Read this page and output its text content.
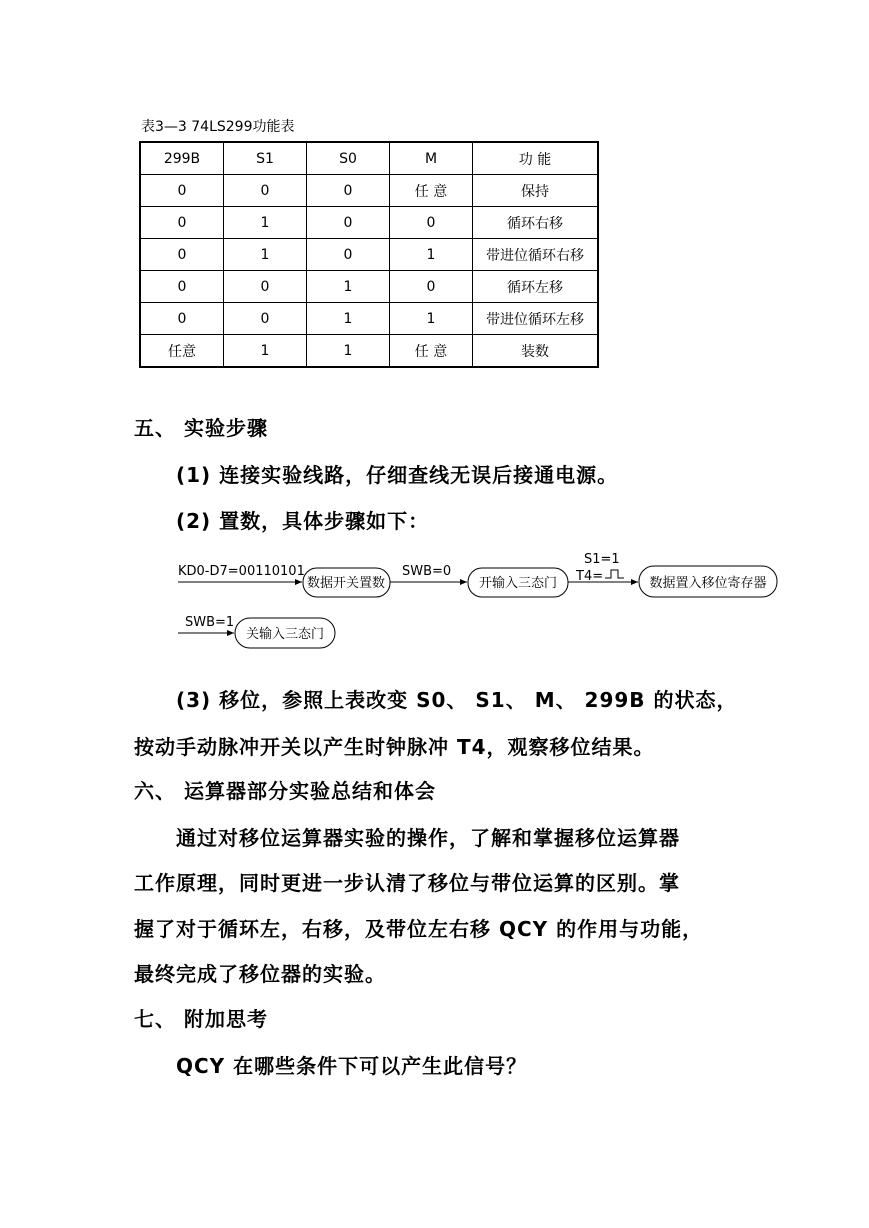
表3—3 74LS299功能表
299B	S1	S0	M	功 能
0	0	0	任 意	保持
0	1	0	0	循环右移
0	1	0	1	带进位循环右移
0	0	1	0	循环左移
0	0	1	1	带进位循环左移
任意	1	1	任 意	装数
五、 实验步骤
(1) 连接实验线路，仔细查线无误后接通电源。
(2) 置数，具体步骤如下：
KD0-D7=00110101
数据开关置数
SWB=0
开输入三态门
S1=1
T4=	数据置入移位寄存器
SWB=1
关输入三态门
(3) 移位，参照上表改变 S0、 S1、 M、 299B 的状态，
按动手动脉冲开关以产生时钟脉冲 T4，观察移位结果。
六、 运算器部分实验总结和体会
通过对移位运算器实验的操作，了解和掌握移位运算器
工作原理，同时更进一步认清了移位与带位运算的区别。掌
握了对于循环左，右移，及带位左右移 QCY 的作用与功能，
最终完成了移位器的实验。
七、 附加思考
QCY 在哪些条件下可以产生此信号？
